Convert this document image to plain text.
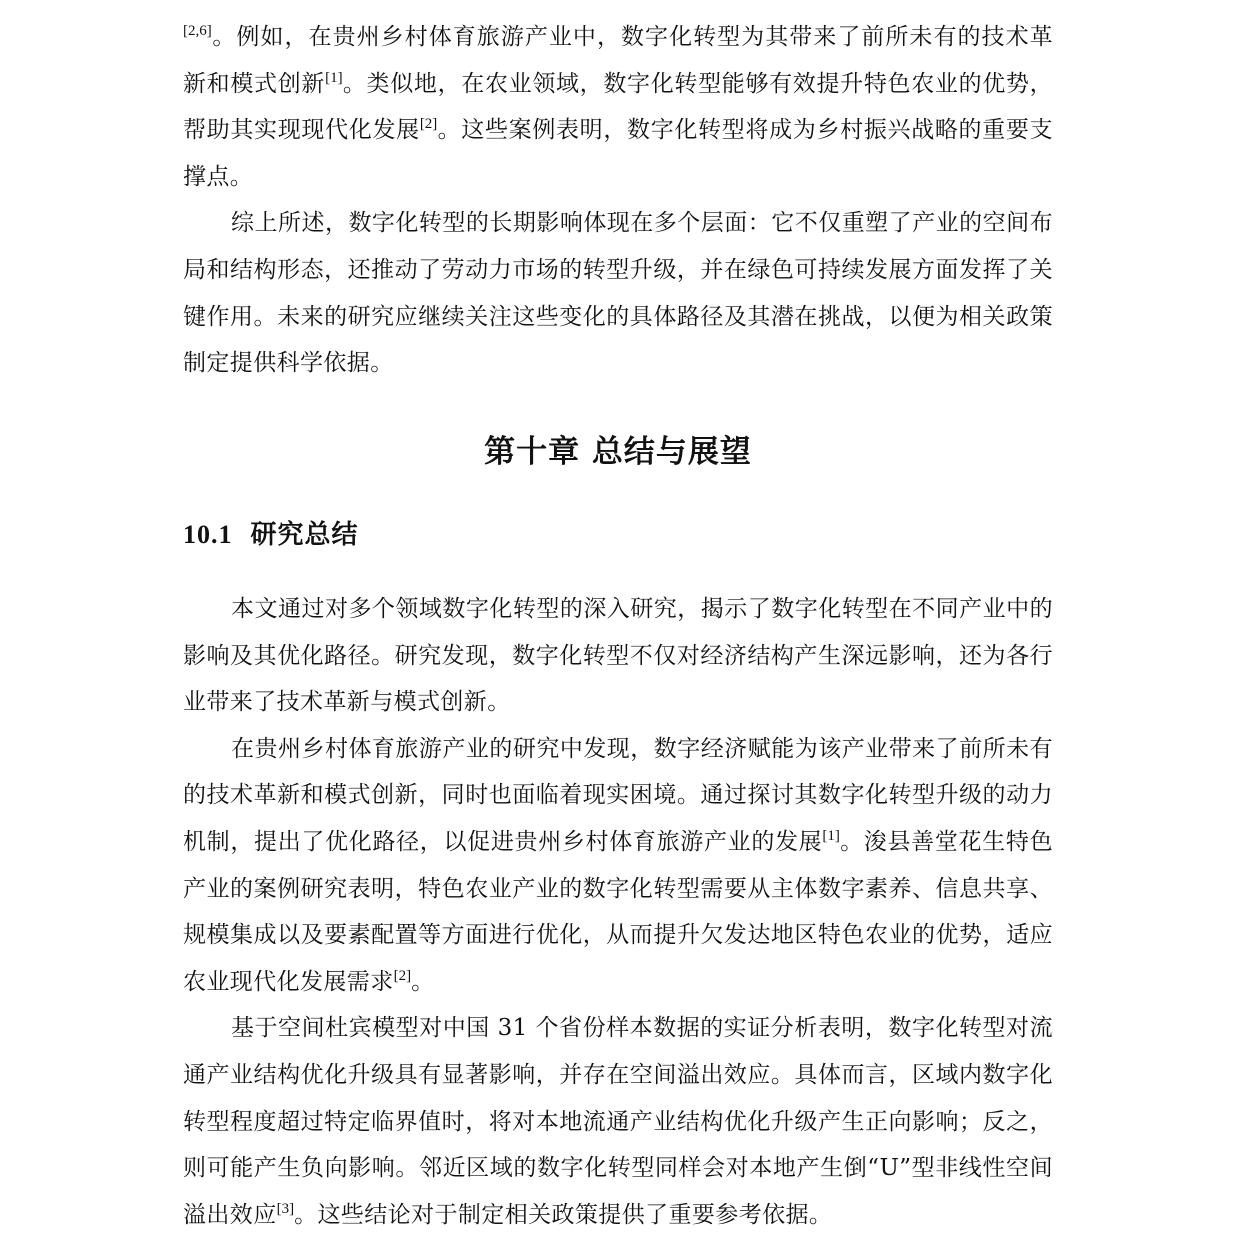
[2,6]。例如，在贵州乡村体育旅游产业中，数字化转型为其带来了前所未有的技术革新和模式创新[1]。类似地，在农业领域，数字化转型能够有效提升特色农业的优势，帮助其实现现代化发展[2]。这些案例表明，数字化转型将成为乡村振兴战略的重要支撑点。

综上所述，数字化转型的长期影响体现在多个层面：它不仅重塑了产业的空间布局和结构形态，还推动了劳动力市场的转型升级，并在绿色可持续发展方面发挥了关键作用。未来的研究应继续关注这些变化的具体路径及其潜在挑战，以便为相关政策制定提供科学依据。

第十章 总结与展望
10.1 研究总结

本文通过对多个领域数字化转型的深入研究，揭示了数字化转型在不同产业中的影响及其优化路径。研究发现，数字化转型不仅对经济结构产生深远影响，还为各行业带来了技术革新与模式创新。

在贵州乡村体育旅游产业的研究中发现，数字经济赋能为该产业带来了前所未有的技术革新和模式创新，同时也面临着现实困境。通过探讨其数字化转型升级的动力机制，提出了优化路径，以促进贵州乡村体育旅游产业的发展[1]。浚县善堂花生特色产业的案例研究表明，特色农业产业的数字化转型需要从主体数字素养、信息共享、规模集成以及要素配置等方面进行优化，从而提升欠发达地区特色农业的优势，适应农业现代化发展需求[2]。

基于空间杜宾模型对中国 31 个省份样本数据的实证分析表明，数字化转型对流通产业结构优化升级具有显著影响，并存在空间溢出效应。具体而言，区域内数字化转型程度超过特定临界值时，将对本地流通产业结构优化升级产生正向影响；反之，则可能产生负向影响。邻近区域的数字化转型同样会对本地产生倒“U”型非线性空间溢出效应[3]。这些结论对于制定相关政策提供了重要参考依据。
